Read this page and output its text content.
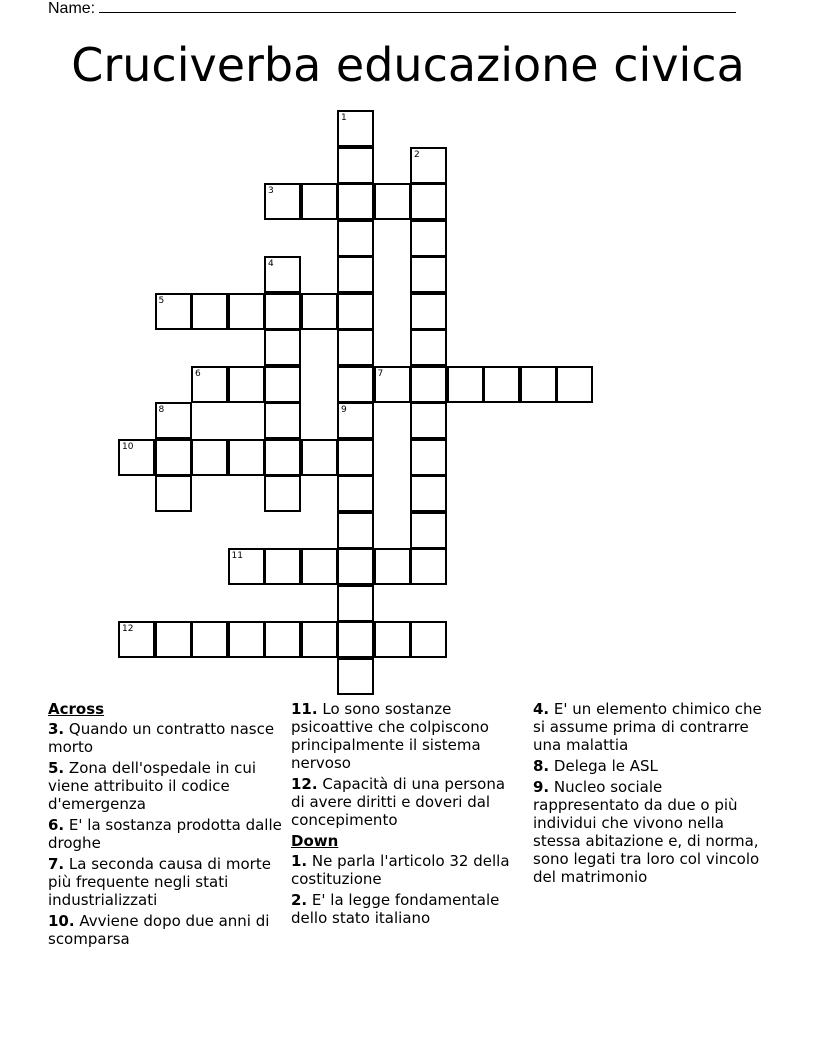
Name:
Cruciverba educazione civica
1
9
2
3
4
5
6	7
8
10
11
12
Across
3. Quando un contratto nasce morto
5. Zona dell'ospedale in cui viene attribuito il codice d'emergenza
6. E' la sostanza prodotta dalle droghe
7. La seconda causa di morte più frequente negli stati industrializzati
10. Avviene dopo due anni di scomparsa
11. Lo sono sostanze psicoattive che colpiscono principalmente il sistema nervoso
12. Capacità di una persona di avere diritti e doveri dal concepimento
Down
1. Ne parla l'articolo 32 della costituzione
2. E' la legge fondamentale dello stato italiano
4. E' un elemento chimico che si assume prima di contrarre una malattia
8. Delega le ASL
9. Nucleo sociale rappresentato da due o più individui che vivono nella stessa abitazione e, di norma, sono legati tra loro col vincolo del matrimonio
